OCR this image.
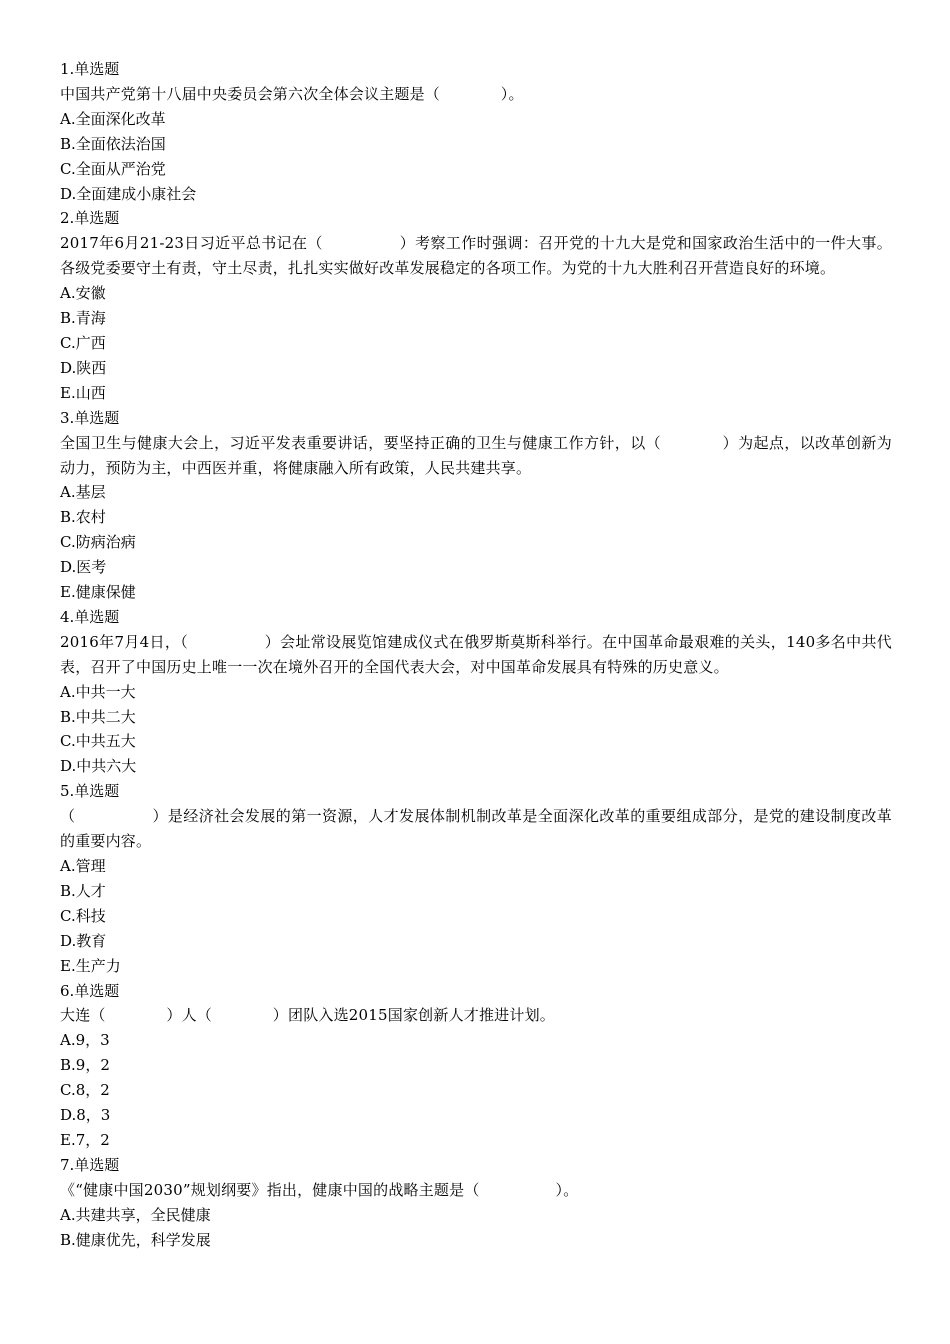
1.单选题
中国共产党第十八届中央委员会第六次全体会议主题是（　　　　）。
A.全面深化改革
B.全面依法治国
C.全面从严治党
D.全面建成小康社会
2.单选题
2017年6月21-23日习近平总书记在（　　　　　）考察工作时强调：召开党的十九大是党和国家政治生活中的一件大事。各级党委要守土有责，守土尽责，扎扎实实做好改革发展稳定的各项工作。为党的十九大胜利召开营造良好的环境。
A.安徽
B.青海
C.广西
D.陕西
E.山西
3.单选题
全国卫生与健康大会上，习近平发表重要讲话，要坚持正确的卫生与健康工作方针，以（　　　　）为起点，以改革创新为动力，预防为主，中西医并重，将健康融入所有政策，人民共建共享。
A.基层
B.农村
C.防病治病
D.医考
E.健康保健
4.单选题
2016年7月4日，（　　　　　）会址常设展览馆建成仪式在俄罗斯莫斯科举行。在中国革命最艰难的关头，140多名中共代表，召开了中国历史上唯一一次在境外召开的全国代表大会，对中国革命发展具有特殊的历史意义。
A.中共一大
B.中共二大
C.中共五大
D.中共六大
5.单选题
（　　　　　）是经济社会发展的第一资源，人才发展体制机制改革是全面深化改革的重要组成部分，是党的建设制度改革的重要内容。
A.管理
B.人才
C.科技
D.教育
E.生产力
6.单选题
大连（　　　　）人（　　　　）团队入选2015国家创新人才推进计划。
A.9，3
B.9，2
C.8，2
D.8，3
E.7，2
7.单选题
《“健康中国2030”规划纲要》指出，健康中国的战略主题是（　　　　　）。
A.共建共享，全民健康
B.健康优先，科学发展
